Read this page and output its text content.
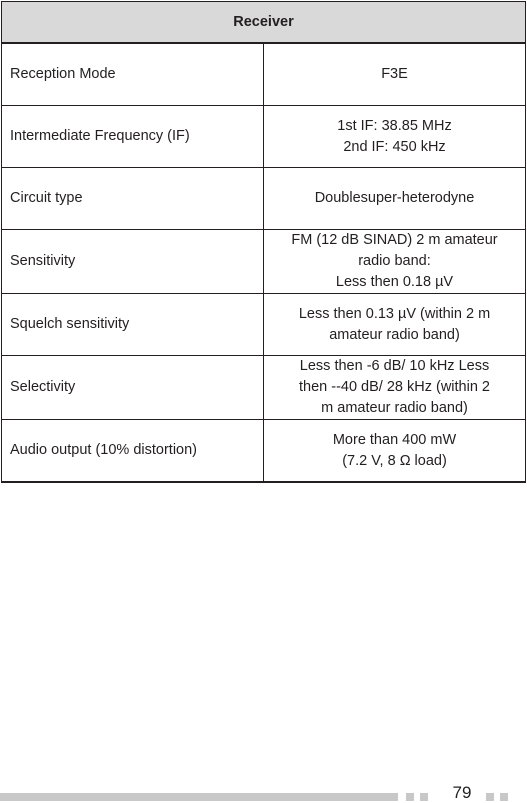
Receiver	
Reception Mode	F3E

Intermediate Frequency (IF)	1st IF: 38.85 MHz
2nd IF: 450 kHz

Circuit type	Doublesuper-heterodyne

Sensitivity	FM (12 dB SINAD) 2 m amateur
radio band:
Less then 0.18 µV

Squelch sensitivity	Less then 0.13 µV (within 2 m
amateur radio band)

Selectivity	Less then -6 dB/ 10 kHz Less
then --40 dB/ 28 kHz (within 2
m amateur radio band)

Audio output (10% distortion)	More than 400 mW
(7.2 V, 8 Ω load)
79
